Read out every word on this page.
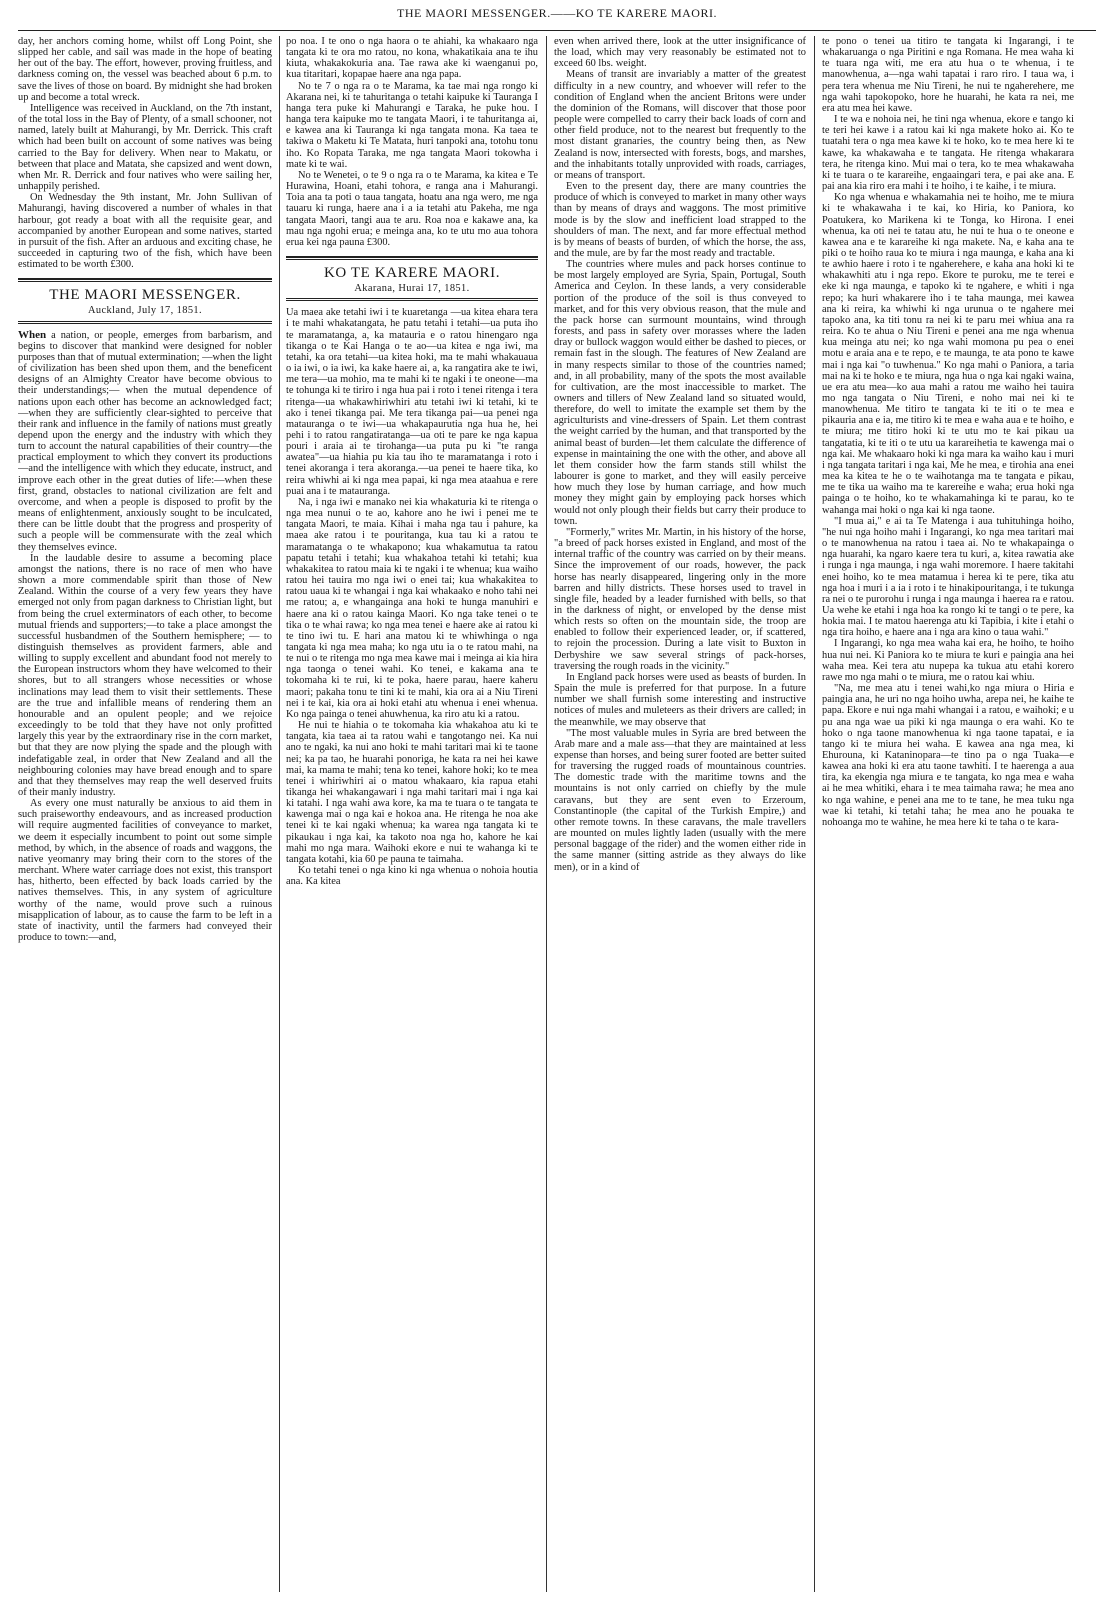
THE MAORI MESSENGER.——KO TE KARERE MAORI.

day, her anchors coming home, whilst off Long Point, she slipped her cable, and sail was made in the hope of beating her out of the bay. The effort, however, proving fruitless, and darkness coming on, the vessel was beached about 6 p.m. to save the lives of those on board. By midnight she had broken up and become a total wreck.

Intelligence was received in Auckland, on the 7th instant, of the total loss in the Bay of Plenty, of a small schooner, not named, lately built at Mahurangi, by Mr. Derrick. This craft which had been built on account of some natives was being carried to the Bay for delivery. When near to Makatu, or between that place and Matata, she capsized and went down, when Mr. R. Derrick and four natives who were sailing her, unhappily perished.

On Wednesday the 9th instant, Mr. John Sullivan of Mahurangi, having discovered a number of whales in that harbour, got ready a boat with all the requisite gear, and accompanied by another European and some natives, started in pursuit of the fish. After an arduous and exciting chase, he succeeded in capturing two of the fish, which have been estimated to be worth £300.

THE MAORI MESSENGER.
Auckland, July 17, 1851.

When a nation, or people, emerges from barbarism, and begins to discover that mankind were designed for nobler purposes than that of mutual extermination; —when the light of civilization has been shed upon them, and the beneficent designs of an Almighty Creator have become obvious to their understandings;— when the mutual dependence of nations upon each other has become an acknowledged fact;—when they are sufficiently clear-sighted to perceive that their rank and influence in the family of nations must greatly depend upon the energy and the industry with which they turn to account the natural capabilities of their country—the practical employment to which they convert its productions—and the intelligence with which they educate, instruct, and improve each other in the great duties of life:—when these first, grand, obstacles to national civilization are felt and overcome, and when a people is disposed to profit by the means of enlightenment, anxiously sought to be inculcated, there can be little doubt that the progress and prosperity of such a people will be commensurate with the zeal which they themselves evince.

In the laudable desire to assume a becoming place amongst the nations, there is no race of men who have shown a more commendable spirit than those of New Zealand. Within the course of a very few years they have emerged not only from pagan darkness to Christian light, but from being the cruel exterminators of each other, to become mutual friends and supporters;—to take a place amongst the successful husbandmen of the Southern hemisphere; — to distinguish themselves as provident farmers, able and willing to supply excellent and abundant food not merely to the European instructors whom they have welcomed to their shores, but to all strangers whose necessities or whose inclinations may lead them to visit their settlements. These are the true and infallible means of rendering them an honourable and an opulent people; and we rejoice exceedingly to be told that they have not only profitted largely this year by the extraordinary rise in the corn market, but that they are now plying the spade and the plough with indefatigable zeal, in order that New Zealand and all the neighbouring colonies may have bread enough and to spare and that they themselves may reap the well deserved fruits of their manly industry.

As every one must naturally be anxious to aid them in such praiseworthy endeavours, and as increased production will require augmented facilities of conveyance to market, we deem it especially incumbent to point out some simple method, by which, in the absence of roads and waggons, the native yeomanry may bring their corn to the stores of the merchant. Where water carriage does not exist, this transport has, hitherto, been effected by back loads carried by the natives themselves. This, in any system of agriculture worthy of the name, would prove such a ruinous misapplication of labour, as to cause the farm to be left in a state of inactivity, until the farmers had conveyed their produce to town:—and,

po noa. I te ono o nga haora o te ahiahi, ka whakaaro nga tangata ki te ora mo ratou, no kona, whakatikaia ana te ihu kiuta, whakakokuria ana. Tae rawa ake ki waenganui po, kua titaritari, kopapae haere ana nga papa.

No te 7 o nga ra o te Marama, ka tae mai nga rongo ki Akarana nei, ki te tahuritanga o tetahi kaipuke ki Tauranga I hanga tera puke ki Mahurangi e Taraka, he puke hou. I hanga tera kaipuke mo te tangata Maori, i te tahuritanga ai, e kawea ana ki Tauranga ki nga tangata mona. Ka taea te takiwa o Maketu ki Te Matata, huri tanpoki ana, totohu tonu iho. Ko Ropata Taraka, me nga tangata Maori tokowha i mate ki te wai.

No te Wenetei, o te 9 o nga ra o te Marama, ka kitea e Te Hurawina, Hoani, etahi tohora, e ranga ana i Mahurangi. Toia ana ta poti o taua tangata, hoatu ana nga wero, me nga tauaru ki runga, haere ana i a ia tetahi atu Pakeha, me nga tangata Maori, tangi aua te aru. Roa noa e kakawe ana, ka mau nga ngohi erua; e meinga ana, ko te utu mo aua tohora erua kei nga pauna £300.

KO TE KARERE MAORI.
Akarana, Hurai 17, 1851.

Ua maea ake tetahi iwi i te kuaretanga —ua kitea ehara tera i te mahi whakatangata, he patu tetahi i tetahi—ua puta iho te maramatanga, a, ka matauria e o ratou hinengaro nga tikanga o te Kai Hanga o te ao—ua kitea e nga iwi, ma tetahi, ka ora tetahi—ua kitea hoki, ma te mahi whakauaua o ia iwi, o ia iwi, ka kake haere ai, a, ka rangatira ake te iwi, me tera—ua mohio, ma te mahi ki te ngaki i te oneone—ma te tohunga ki te tiriro i nga hua pai i roto i tenei ritenga i tera ritenga—ua whakawhiriwhiri atu tetahi iwi ki tetahi, ki te ako i tenei tikanga pai. Me tera tikanga pai—ua penei nga matauranga o te iwi—ua whakapaurutia nga hua he, hei pehi i to ratou rangatiratanga—ua oti te pare ke nga kapua pouri i araia ai te tirohanga—ua puta pu ki "te ranga awatea"—ua hiahia pu kia tau iho te maramatanga i roto i tenei akoranga i tera akoranga.—ua penei te haere tika, ko reira whiwhi ai ki nga mea papai, ki nga mea ataahua e rere puai ana i te matauranga.

Na, i nga iwi e manako nei kia whakaturia ki te ritenga o nga mea nunui o te ao, kahore ano he iwi i penei me te tangata Maori, te maia. Kihai i maha nga tau i pahure, ka maea ake ratou i te pouritanga, kua tau ki a ratou te maramatanga o te whakapono; kua whakamutua ta ratou papatu tetahi i tetahi; kua whakahoa tetahi ki tetahi; kua whakakitea to ratou maia ki te ngaki i te whenua; kua waiho ratou hei tauira mo nga iwi o enei tai; kua whakakitea to ratou uaua ki te whangai i nga kai whakaako e noho tahi nei me ratou; a, e whangainga ana hoki te hunga manuhiri e haere ana ki o ratou kainga Maori. Ko nga take tenei o te tika o te whai rawa; ko nga mea tenei e haere ake ai ratou ki te tino iwi tu. E hari ana matou ki te whiwhinga o nga tangata ki nga mea maha; ko nga utu ia o te ratou mahi, na te nui o te ritenga mo nga mea kawe mai i meinga ai kia hira nga taonga o tenei wahi. Ko tenei, e kakama ana te tokomaha ki te rui, ki te poka, haere parau, haere kaheru maori; pakaha tonu te tini ki te mahi, kia ora ai a Niu Tireni nei i te kai, kia ora ai hoki etahi atu whenua i enei whenua. Ko nga painga o tenei ahuwhenua, ka riro atu ki a ratou.

He nui te hiahia o te tokomaha kia whakahoa atu ki te tangata, kia taea ai ta ratou wahi e tangotango nei. Ka nui ano te ngaki, ka nui ano hoki te mahi taritari mai ki te taone nei; ka pa tao, he huarahi ponoriga, he kata ra nei hei kawe mai, ka mama te mahi; tena ko tenei, kahore hoki; ko te mea tenei i whiriwhiri ai o matou whakaaro, kia rapua etahi tikanga hei whakangawari i nga mahi taritari mai i nga kai ki tatahi. I nga wahi awa kore, ka ma te tuara o te tangata te kawenga mai o nga kai e hokoa ana. He ritenga he noa ake tenei ki te kai ngaki whenua; ka warea nga tangata ki te pikaukau i nga kai, ka takoto noa nga ho, kahore he kai mahi mo nga mara. Waihoki ekore e nui te wahanga ki te tangata kotahi, kia 60 pe pauna te taimaha.

Ko tetahi tenei o nga kino ki nga whenua o nohoia houtia ana. Ka kitea

even when arrived there, look at the utter insignificance of the load, which may very reasonably be estimated not to exceed 60 lbs. weight.

Means of transit are invariably a matter of the greatest difficulty in a new country, and whoever will refer to the condition of England when the ancient Britons were under the dominion of the Romans, will discover that those poor people were compelled to carry their back loads of corn and other field produce, not to the nearest but frequently to the most distant granaries, the country being then, as New Zealand is now, intersected with forests, bogs, and marshes, and the inhabitants totally unprovided with roads, carriages, or means of transport.

Even to the present day, there are many countries the produce of which is conveyed to market in many other ways than by means of drays and waggons. The most primitive mode is by the slow and inefficient load strapped to the shoulders of man. The next, and far more effectual method is by means of beasts of burden, of which the horse, the ass, and the mule, are by far the most ready and tractable.

The countries where mules and pack horses continue to be most largely employed are Syria, Spain, Portugal, South America and Ceylon. In these lands, a very considerable portion of the produce of the soil is thus conveyed to market, and for this very obvious reason, that the mule and the pack horse can surmount mountains, wind through forests, and pass in safety over morasses where the laden dray or bullock waggon would either be dashed to pieces, or remain fast in the slough. The features of New Zealand are in many respects similar to those of the countries named; and, in all probability, many of the spots the most available for cultivation, are the most inaccessible to market. The owners and tillers of New Zealand land so situated would, therefore, do well to imitate the example set them by the agriculturists and vine-dressers of Spain. Let them contrast the weight carried by the human, and that transported by the animal beast of burden—let them calculate the difference of expense in maintaining the one with the other, and above all let them consider how the farm stands still whilst the labourer is gone to market, and they will easily perceive how much they lose by human carriage, and how much money they might gain by employing pack horses which would not only plough their fields but carry their produce to town.

"Formerly," writes Mr. Martin, in his history of the horse, "a breed of pack horses existed in England, and most of the internal traffic of the country was carried on by their means. Since the improvement of our roads, however, the pack horse has nearly disappeared, lingering only in the more barren and hilly districts. These horses used to travel in single file, headed by a leader furnished with bells, so that in the darkness of night, or enveloped by the dense mist which rests so often on the mountain side, the troop are enabled to follow their experienced leader, or, if scattered, to rejoin the procession. During a late visit to Buxton in Derbyshire we saw several strings of pack-horses, traversing the rough roads in the vicinity."

In England pack horses were used as beasts of burden. In Spain the mule is preferred for that purpose. In a future number we shall furnish some interesting and instructive notices of mules and muleteers as their drivers are called; in the meanwhile, we may observe that

"The most valuable mules in Syria are bred between the Arab mare and a male ass—that they are maintained at less expense than horses, and being surer footed are better suited for traversing the rugged roads of mountainous countries. The domestic trade with the maritime towns and the mountains is not only carried on chiefly by the mule caravans, but they are sent even to Erzeroum, Constantinople (the capital of the Turkish Empire,) and other remote towns. In these caravans, the male travellers are mounted on mules lightly laden (usually with the mere personal baggage of the rider) and the women either ride in the same manner (sitting astride as they always do like men), or in a kind of

te pono o tenei ua titiro te tangata ki Ingarangi, i te whakaruanga o nga Piritini e nga Romana. He mea waha ki te tuara nga witi, me era atu hua o te whenua, i te manowhenua, a—nga wahi tapatai i raro riro. I taua wa, i pera tera whenua me Niu Tireni, he nui te ngahereherе, me nga wahi tapokopoko, hore he huarahi, he kata ra nei, me era atu mea hei kawe.

I te wa e nohoia nei, he tini nga whenua, ekore e tango ki te teri hei kawe i a ratou kai ki nga makete hoko ai. Ko te tuatahi tera o nga mea kawe ki te hoko, ko te mea here ki te kawe, ka whakawaha e te tangata. He ritenga whakarara tera, he ritenga kino. Mui mai o tera, ko te mea whakawaha ki te tuara o te karareihe, engaaingari tera, e pai ake ana. E pai ana kia riro era mahi i te hoiho, i te kaihe, i te miura.

Ko nga whenua e whakamahia nei te hoiho, me te miura ki te whakawaha i te kai, ko Hiria, ko Paniora, ko Poatukera, ko Marikena ki te Tonga, ko Hirona. I enei whenua, ka oti nei te tatau atu, he nui te hua o te oneone e kawea ana e te karareihe ki nga makete. Na, e kaha ana te piki o te hoiho raua ko te miura i nga maunga, e kaha ana ki te awhio haere i roto i te ngahereherе, e kaha ana hoki ki te whakawhiti atu i nga repo. Ekore te puroku, me te terei e eke ki nga maunga, e tapoko ki te ngahere, e whiti i nga repo; ka huri whakarere iho i te taha maunga, mei kawea ana ki reira, ka whiwhi ki nga urunua o te ngahere mei tapoko ana, ka titi tonu ra nei ki te paru mei whiua ana ra reira. Ko te ahua o Niu Tireni e penei ana me nga whenua kua meinga atu nei; ko nga wahi momona pu pea o enei motu e araia ana e te repo, e te maunga, te ata pono te kawe mai i nga kai "o tuwhenua." Ko nga mahi o Paniora, a taria mai na ki te hoko e te miura, nga hua o nga kai ngaki waina, ue era atu mea—ko aua mahi a ratou me waiho hei tauira mo nga tangata o Niu Tireni, e noho mai nei ki te manowhenua. Me titiro te tangata ki te iti o te mea e pikauria ana e ia, me titiro ki te mea e waha aua e te hoiho, e te miura; me titiro hoki ki te utu mo te kai pikau ua tangatatia, ki te iti o te utu ua karareihetia te kawenga mai o nga kai. Me whakaaro hoki ki nga mara ka waiho kau i muri i nga tangata taritari i nga kai, Me he mea, e tirohia ana enei mea ka kitea te he o te waihotanga ma te tangata e pikau, me te tika ua waiho ma te karereihe e waha; erua hoki nga painga o te hoiho, ko te whakamahinga ki te parau, ko te wahanga mai hoki o nga kai ki nga taone.

"I mua ai," e ai ta Te Matenga i aua tuhituhinga hoiho, "he nui nga hoiho mahi i Ingarangi, ko nga mea taritari mai o te manowhenua na ratou i taea ai. No te whakapainga o nga huarahi, ka ngaro kaere tera tu kuri, a, kitea rawatia ake i runga i nga maunga, i nga wahi moremore. I haere takitahi enei hoiho, ko te mea matamua i herea ki te pere, tika atu nga hoa i muri i a ia i roto i te hinakipouritanga, i te tukunga ra nei o te purorohu i runga i nga maunga i haerea ra e ratou. Ua wehe ke etahi i nga hoa ka rongo ki te tangi o te pere, ka hokia mai. I te matou haerenga atu ki Tapibia, i kite i etahi o nga tira hoiho, e haere ana i nga ara kino o taua wahi."

I Ingarangi, ko nga mea waha kai era, he hoiho, te hoiho hua nui nei. Ki Paniora ko te miura te kuri e paingia ana hei waha mea. Kei tera atu nupepa ka tukua atu etahi korero rawe mo nga mahi o te miura, me o ratou kai whiu.

"Na, me mea atu i tenei wahi,ko nga miura o Hiria e paingia ana, he uri no nga hoiho uwha, arepa nei, he kaihe te papa. Ekore e nui nga mahi whangai i a ratou, e waihoki; e u pu ana nga wae ua piki ki nga maunga o era wahi. Ko te hoko o nga taone manowhenua ki nga taone tapatai, e ia tango ki te miura hei waha. E kawea ana nga mea, ki Ehurouna, ki Kataninopara—te tino pa o nga Tuaka—e kawea ana hoki ki era atu taone tawhiti. I te haerenga a aua tira, ka ekengia nga miura e te tangata, ko nga mea e waha ai he mea whitiki, ehara i te mea taimaha rawa; he mea ano ko nga wahine, e penei ana me to te tane, he mea tuku nga wae ki tetahi, ki tetahi taha; he mea ano he pouaka te nohoanga mo te wahine, he mea here ki te taha o te kara-
